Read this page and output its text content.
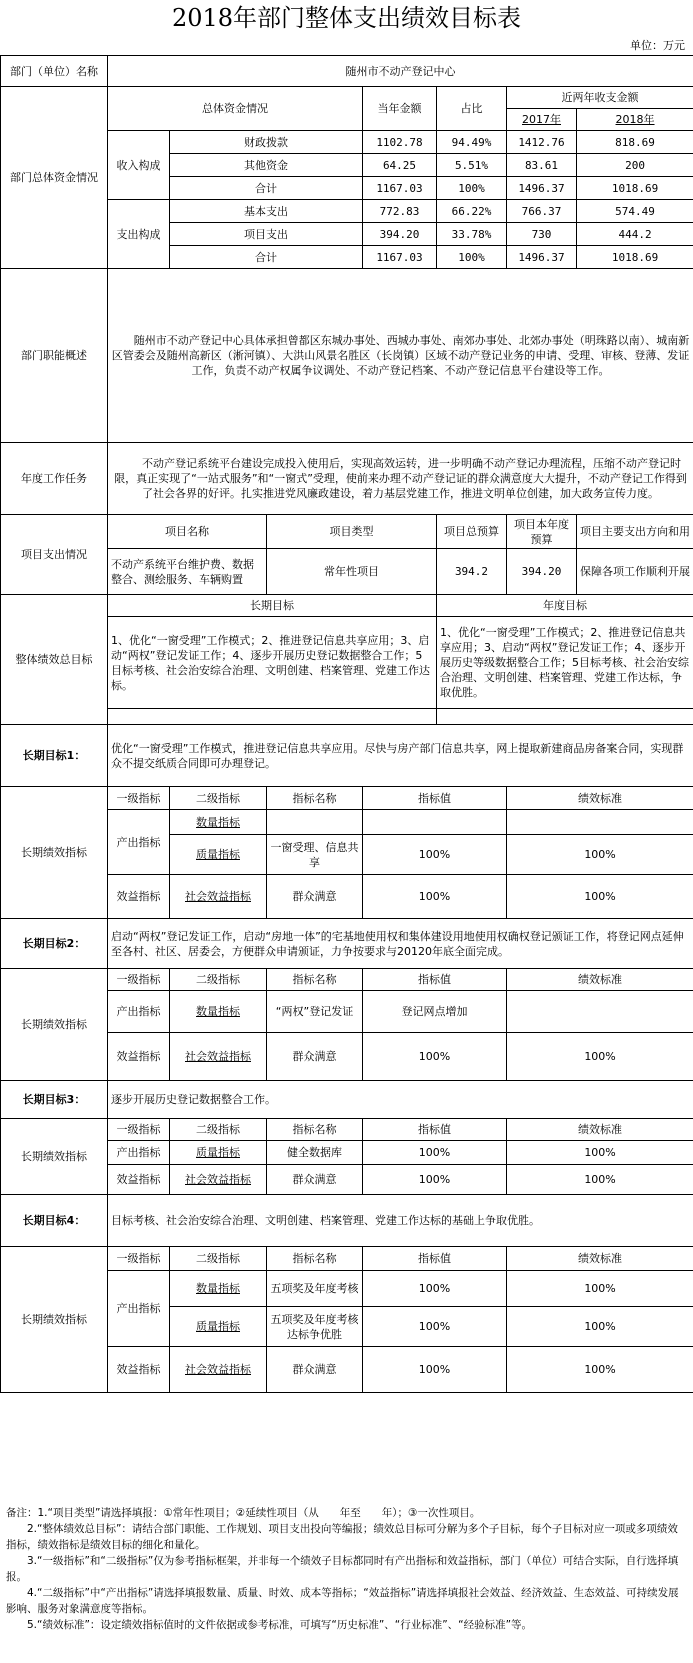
2018年部门整体支出绩效目标表
单位：万元
部门（单位）名称	随州市不动产登记中心						
部门总体资金情况	总体资金情况			当年金额	占比	近两年收支金额	
						2017年	2018年
	收入构成	财政拨款		1102.78	94.49%	1412.76	818.69
		其他资金		64.25	5.51%	83.61	200
		合计		1167.03	100%	1496.37	1018.69
	支出构成	基本支出		772.83	66.22%	766.37	574.49
		项目支出		394.20	33.78%	730	444.2
		合计		1167.03	100%	1496.37	1018.69
部门职能概述	随州市不动产登记中心具体承担曾都区东城办事处、西城办事处、南郊办事处、北郊办事处（明珠路以南）、城南新区管委会及随州高新区（淅河镇）、大洪山风景名胜区（长岗镇）区域不动产登记业务的申请、受理、审核、登薄、发证工作，负责不动产权属争议调处、不动产登记档案、不动产登记信息平台建设等工作。						
年度工作任务	不动产登记系统平台建设完成投入使用后，实现高效运转，进一步明确不动产登记办理流程，压缩不动产登记时限，真正实现了“一站式服务”和“一窗式”受理，使前来办理不动产登记证的群众满意度大大提升，不动产登记工作得到了社会各界的好评。扎实推进党风廉政建设，着力基层党建工作，推进文明单位创建，加大政务宣传力度。						
项目支出情况	项目名称		项目类型		项目总预算	项目本年度预算	项目主要支出方向和用
	不动产系统平台维护费、数据整合、测绘服务、车辆购置		常年性项目		394.2	394.20	保障各项工作顺利开展
整体绩效总目标	长期目标				年度目标		
	1、优化“一窗受理”工作模式；2、推进登记信息共享应用；3、启动“两权”登记发证工作；4、逐步开展历史登记数据整合工作；5目标考核、社会治安综合治理、文明创建、档案管理、党建工作达标。				1、优化“一窗受理”工作模式；2、推进登记信息共享应用；3、启动“两权”登记发证工作；4、逐步开展历史等级数据整合工作；5目标考核、社会治安综合治理、文明创建、档案管理、党建工作达标，争取优胜。		

长期目标1：	优化“一窗受理”工作模式，推进登记信息共享应用。尽快与房产部门信息共享，网上提取新建商品房备案合同，实现群众不提交纸质合同即可办理登记。						
长期绩效指标	一级指标	二级指标	指标名称	指标值		绩效标准	
	产出指标	数量指标					
		质量指标	一窗受理、信息共享	100%		100%	
	效益指标	社会效益指标	群众满意	100%		100%	
长期目标2：	启动“两权”登记发证工作，启动“房地一体”的宅基地使用权和集体建设用地使用权确权登记颁证工作，将登记网点延伸至各村、社区、居委会，方便群众申请颁证，力争按要求与20120年底全面完成。						
长期绩效指标	一级指标	二级指标	指标名称	指标值		绩效标准	
	产出指标	数量指标	“两权”登记发证	登记网点增加			
	效益指标	社会效益指标	群众满意	100%		100%	
长期目标3：	逐步开展历史登记数据整合工作。						
长期绩效指标	一级指标	二级指标	指标名称	指标值		绩效标准	
	产出指标	质量指标	健全数据库	100%		100%	
	效益指标	社会效益指标	群众满意	100%		100%	
长期目标4：	目标考核、社会治安综合治理、文明创建、档案管理、党建工作达标的基础上争取优胜。						
长期绩效指标	一级指标	二级指标	指标名称	指标值		绩效标准	
	产出指标	数量指标	五项奖及年度考核	100%		100%	
		质量指标	五项奖及年度考核达标争优胜	100%		100%	
	效益指标	社会效益指标	群众满意	100%		100%	
备注：1.“项目类型”请选择填报：①常年性项目；②延续性项目（从　　年至　　年）；③一次性项目。
2.“整体绩效总目标”：请结合部门职能、工作规划、项目支出投向等编报；绩效总目标可分解为多个子目标，每个子目标对应一项或多项绩效指标，绩效指标是绩效目标的细化和量化。
3.“一级指标”和“二级指标”仅为参考指标框架，并非每一个绩效子目标都同时有产出指标和效益指标，部门（单位）可结合实际，自行选择填报。
4.“二级指标”中“产出指标”请选择填报数量、质量、时效、成本等指标；“效益指标”请选择填报社会效益、经济效益、生态效益、可持续发展影响、服务对象满意度等指标。
5.“绩效标准”：设定绩效指标值时的文件依据或参考标准，可填写“历史标准”、“行业标准”、“经验标准”等。
